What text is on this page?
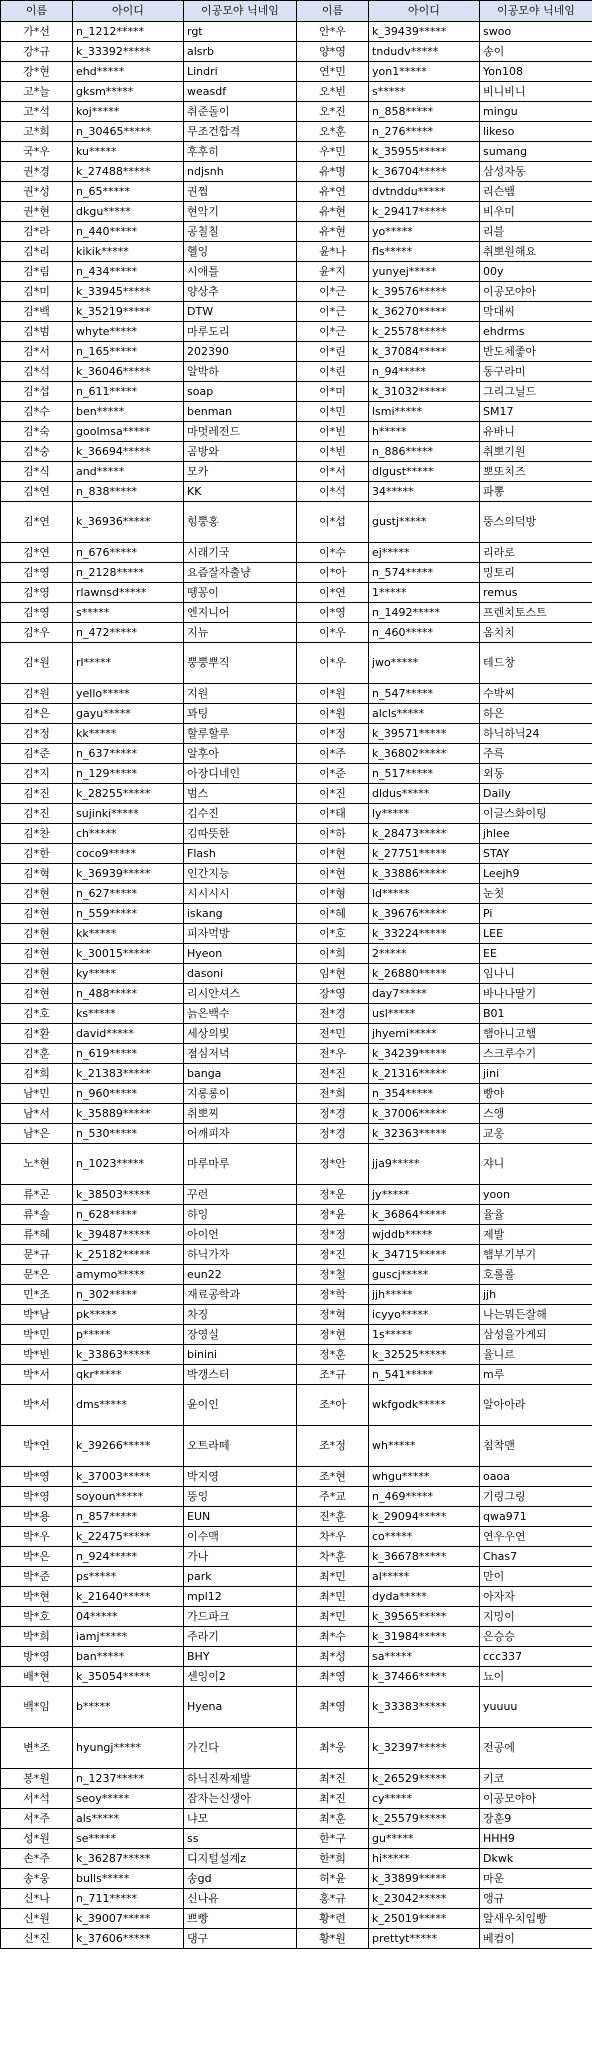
이름	아이디	이공모야 닉네임	이름	아이디	이공모야 닉네임
가*선	n_1212*****	rgt	안*우	k_39439*****	swoo
강*규	k_33392*****	alsrb	양*영	tndudv*****	송이
강*현	ehd*****	Lindri	연*민	yon1*****	Yon108
고*늘	gksm*****	weasdf	오*빈	s*****	비니비니
고*석	koj*****	취준돌이	오*진	n_858*****	mingu
고*희	n_30465*****	무조건합격	오*훈	n_276*****	likeso
국*우	ku*****	후후히	우*민	k_35955*****	sumang
권*경	k_27488*****	ndjsnh	유*명	k_36704*****	삼성자동
권*성	n_65*****	권쩜	유*연	dvtnddu*****	리슨뱀
권*현	dkgu*****	현악기	유*현	k_29417*****	비우미
김*라	n_440*****	공칠칠	유*현	yo*****	리블
김*리	kikik*****	헬잉	윤*나	fls*****	취뽀원해요
김*림	n_434*****	시애틀	윤*지	yunyej*****	00y
김*미	k_33945*****	양상추	이*근	k_39576*****	이공모야아
김*백	k_35219*****	DTW	이*근	k_36270*****	막대씨
김*범	whyte*****	마루도리	이*근	k_25578*****	ehdrms
김*서	n_165*****	202390	이*린	k_37084*****	반도체좋아
김*석	k_36046*****	알박하	이*린	n_94*****	동구라미
김*섭	n_611*****	soap	이*미	k_31032*****	그리그닐드
김*수	ben*****	benman	이*민	lsmi*****	SM17
김*숙	goolmsa*****	마멋레전드	이*빈	h*****	유바니
김*숭	k_36694*****	곰방와	이*빈	n_886*****	취뽀기원
김*식	and*****	모카	이*서	dlgust*****	뽀또치즈
김*연	n_838*****	KK	이*석	34*****	파뽕
김*연	k_36936*****	힝뿡홍	이*섭	gustj*****	뚱스의덕방
김*연	n_676*****	시래기국	이*수	ej*****	리라로
김*영	n_2128*****	요즘잘자출냥	이*아	n_574*****	밍토리
김*영	rlawnsd*****	뗑꽁이	이*연	1*****	remus
김*영	s*****	엔지니어	이*영	n_1492*****	프렌치토스트
김*우	n_472*****	지뉴	이*우	n_460*****	옴치치
김*원	rl*****	뿡뿡뿌직	이*우	jwo*****	테드창
김*원	yello*****	지원	이*원	n_547*****	수박씨
김*은	gayu*****	꽈팅	이*원	alcls*****	하은
김*정	kk*****	할루할루	이*정	k_39571*****	하닉하닉24
김*준	n_637*****	알후아	이*주	k_36802*****	주륵
김*지	n_129*****	아장디네인	이*준	n_517*****	외동
김*진	k_28255*****	범스	이*진	dldus*****	Daily
김*진	sujinki*****	김수진	이*태	ly*****	이글스화이팅
김*찬	ch*****	김따뜻한	이*하	k_28473*****	jhlee
김*한	coco9*****	Flash	이*현	k_27751*****	STAY
김*혁	k_36939*****	인간지능	이*현	k_33886*****	Leejh9
김*현	n_627*****	시시시시	이*형	ld*****	눈칫
김*현	n_559*****	iskang	이*혜	k_39676*****	Pi
김*현	kk*****	피자먹방	이*호	k_33224*****	LEE
김*현	k_30015*****	Hyeon	이*희	2*****	EE
김*현	ky*****	dasoni	임*현	k_26880*****	임나니
김*현	n_488*****	리시안셔스	장*영	day7*****	바나나딸기
김*호	ks*****	늙은백수	전*경	usl*****	B01
김*환	david*****	세상의빛	전*민	jhyemi*****	햄아니고햄
김*훈	n_619*****	점심저녁	전*우	k_34239*****	스크루수기
김*희	k_21383*****	banga	전*진	k_21316*****	jini
남*민	n_960*****	지롱롱이	전*희	n_354*****	빵야
남*서	k_35889*****	취뽀찌	정*경	k_37006*****	스앵
남*은	n_530*****	어깨피자	정*경	k_32363*****	교옹
노*현	n_1023*****	마루마루	정*안	jja9*****	쟈니
류*곤	k_38503*****	꾸런	정*운	jy*****	yoon
류*솔	n_628*****	하잉	정*윤	k_36864*****	율율
류*혜	k_39487*****	아이언	정*정	wjddb*****	제발
문*규	k_25182*****	하닉가자	정*진	k_34715*****	햄부기부기
문*은	amymo*****	eun22	정*철	guscj*****	호롤롤
민*조	n_302*****	재료공학과	정*학	jjh*****	jjh
박*남	pk*****	차징	정*혁	icyyo*****	나는뭐든잘해
박*민	p*****	장영실	정*현	1s*****	삼성을가게되
박*빈	k_33863*****	binini	정*훈	k_32525*****	율니르
박*서	qkr*****	박갱스터	조*규	n_541*****	m루
박*서	dms*****	윤이인	조*아	wkfgodk*****	알아아라
박*연	k_39266*****	오트라떼	조*정	wh*****	침착맨
박*영	k_37003*****	박지영	조*현	whgu*****	oaoa
박*영	soyoun*****	뚱잉	주*교	n_469*****	기링그링
박*용	n_857*****	EUN	진*훈	k_29094*****	qwa971
박*우	k_22475*****	이수맥	차*우	co*****	연우우연
박*은	n_924*****	가나	차*훈	k_36678*****	Chas7
박*준	ps*****	park	최*민	al*****	만이
박*현	k_21640*****	mpl12	최*민	dyda*****	아자자
박*호	04*****	가드파크	최*민	k_39565*****	지밍이
박*희	iamj*****	주라기	최*수	k_31984*****	은승승
방*영	ban*****	BHY	최*성	sa*****	ccc337
배*현	k_35054*****	센잉이2	최*영	k_37466*****	뇨이
백*임	b*****	Hyena	최*영	k_33383*****	yuuuu
변*조	hyungj*****	가긴다	최*웅	k_32397*****	전공에
봉*원	n_1237*****	하닉진짜제발	최*진	k_26529*****	키코
서*석	seoy*****	잠자는신생아	최*진	cy*****	이공모야아
서*주	als*****	냐모	최*훈	k_25579*****	장훈9
성*원	se*****	ss	한*구	gu*****	HHH9
손*주	k_36287*****	디지털설계z	한*희	hi*****	Dkwk
송*웅	bulls*****	송gd	허*윤	k_33899*****	마운
신*나	n_711*****	신나유	홍*규	k_23042*****	앵규
신*원	k_39007*****	쁘빵	황*련	k_25019*****	알새우치입빵
신*진	k_37606*****	댕구	황*원	prettyt*****	베컴이
